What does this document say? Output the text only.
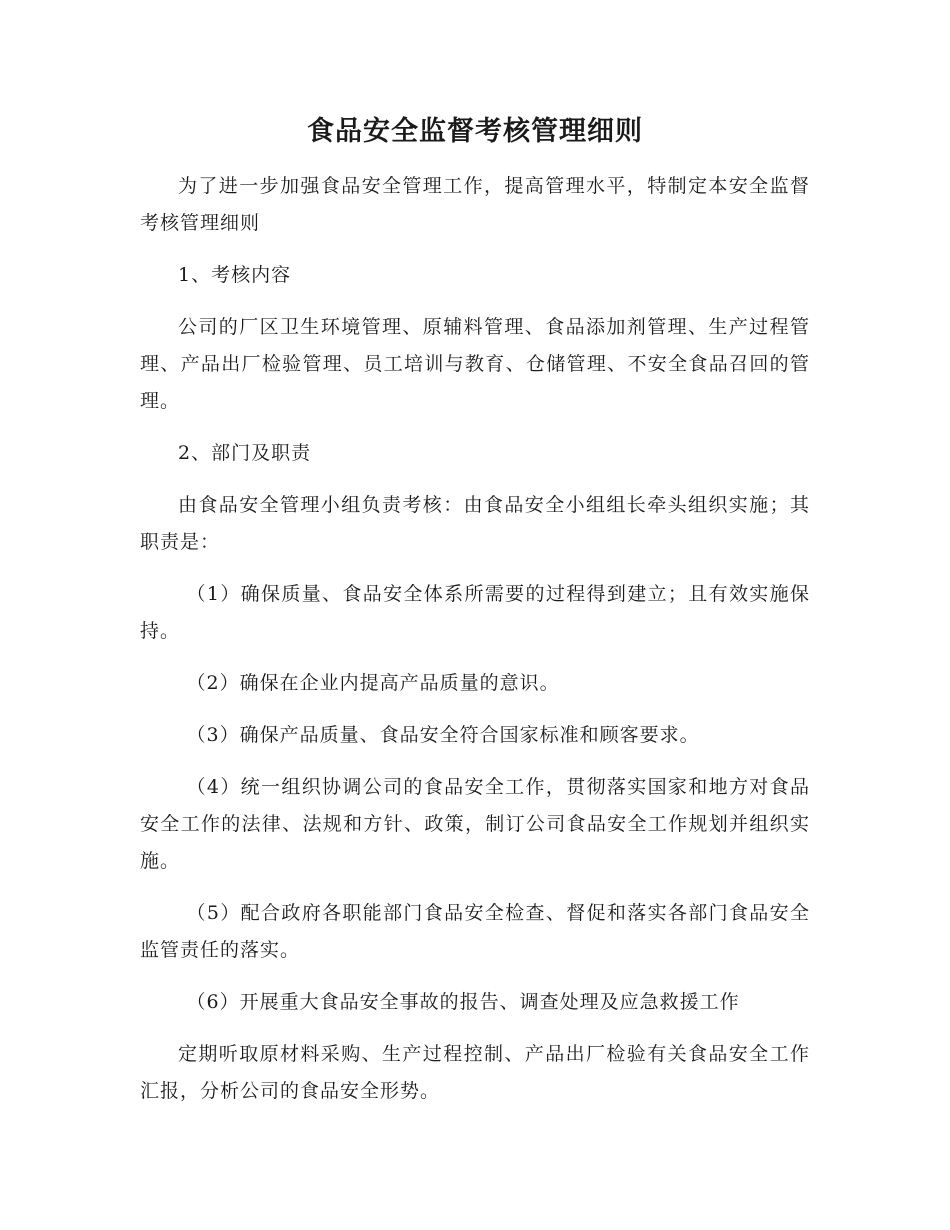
食品安全监督考核管理细则

为了进一步加强食品安全管理工作，提高管理水平，特制定本安全监督考核管理细则

1、考核内容

公司的厂区卫生环境管理、原辅料管理、食品添加剂管理、生产过程管理、产品出厂检验管理、员工培训与教育、仓储管理、不安全食品召回的管理。

2、部门及职责

由食品安全管理小组负责考核：由食品安全小组组长牵头组织实施；其职责是：

（1）确保质量、食品安全体系所需要的过程得到建立；且有效实施保持。

（2）确保在企业内提高产品质量的意识。

（3）确保产品质量、食品安全符合国家标准和顾客要求。

（4）统一组织协调公司的食品安全工作，贯彻落实国家和地方对食品安全工作的法律、法规和方针、政策，制订公司食品安全工作规划并组织实施。

（5）配合政府各职能部门食品安全检查、督促和落实各部门食品安全监管责任的落实。

（6）开展重大食品安全事故的报告、调查处理及应急救援工作

定期听取原材料采购、生产过程控制、产品出厂检验有关食品安全工作汇报，分析公司的食品安全形势。
